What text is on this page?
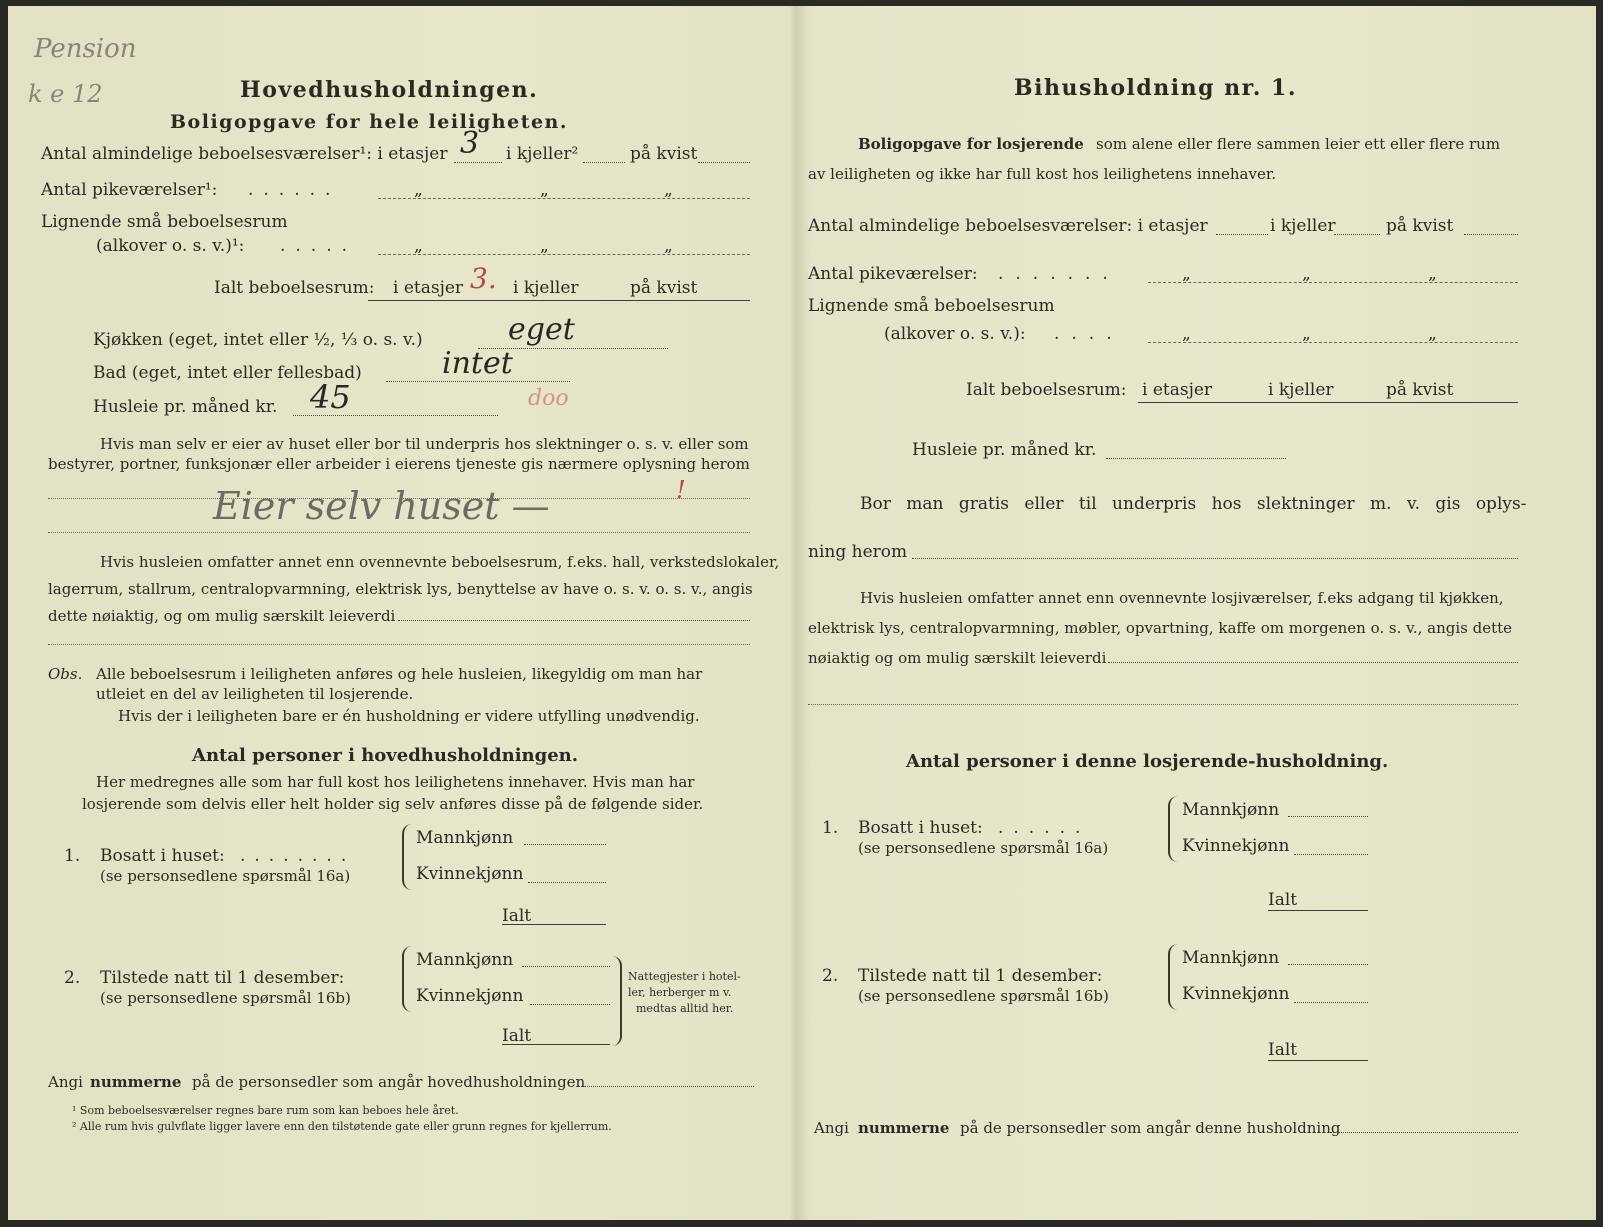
Pension
k e 12	Hovedhusholdningen.
Boligopgave for hele leiligheten.
Antal almindelige beboelsesværelser¹: i etasjer 3 i kjeller²	på kvist
Antal pikeværelser¹: ......	„	„	„
Lignende små beboelsesrum
(alkover o. s. v.)¹: .....	„	„	„
Ialt beboelsesrum: i etasjer 3. i kjeller	på kvist
Kjøkken (eget, intet eller ½, ⅓ o. s. v.)	eget
Bad (eget, intet eller fellesbad)	intet
Husleie pr. måned kr. 45	doo
Hvis man selv er eier av huset eller bor til underpris hos slektninger o. s. v. eller som
bestyrer, portner, funksjonær eller arbeider i eierens tjeneste gis nærmere oplysning herom
Eier selv huset —	!
Hvis husleien omfatter annet enn ovennevnte beboelsesrum, f.eks. hall, verkstedslokaler,
lagerrum, stallrum, centralopvarmning, elektrisk lys, benyttelse av have o. s. v. o. s. v., angis
dette nøiaktig, og om mulig særskilt leieverdi
Obs. Alle beboelsesrum i leiligheten anføres og hele husleien, likegyldig om man har
utleiet en del av leiligheten til losjerende.
Hvis der i leiligheten bare er én husholdning er videre utfylling unødvendig.
Antal personer i hovedhusholdningen.
Her medregnes alle som har full kost hos leilighetens innehaver. Hvis man har
losjerende som delvis eller helt holder sig selv anføres disse på de følgende sider.
1. Bosatt i huset: ........
(se personsedlene spørsmål 16a)
Mannkjønn
Kvinnekjønn
Ialt
2. Tilstede natt til 1 desember:
(se personsedlene spørsmål 16b)
Mannkjønn
Kvinnekjønn
Ialt
Nattegjester i hotel-
ler, herberger m v.
medtas alltid her.
Angi nummerne på de personsedler som angår hovedhusholdningen
¹ Som beboelsesværelser regnes bare rum som kan beboes hele året.
² Alle rum hvis gulvflate ligger lavere enn den tilstøtende gate eller grunn regnes for kjellerrum.
Bihusholdning nr. 1.
Boligopgave for losjerende som alene eller flere sammen leier ett eller flere rum
av leiligheten og ikke har full kost hos leilighetens innehaver.
Antal almindelige beboelsesværelser: i etasjer	i kjeller	på kvist
Antal pikeværelser: .......	„	„	„
Lignende små beboelsesrum
(alkover o. s. v.): ....	„	„	„
Ialt beboelsesrum: i etasjer	i kjeller	på kvist
Husleie pr. måned kr.
Bor man gratis eller til underpris hos slektninger m. v. gis oplys-
ning herom
Hvis husleien omfatter annet enn ovennevnte losjiværelser, f.eks adgang til kjøkken,
elektrisk lys, centralopvarmning, møbler, opvartning, kaffe om morgenen o. s. v., angis dette
nøiaktig og om mulig særskilt leieverdi
Antal personer i denne losjerende-husholdning.
1. Bosatt i huset: ......
(se personsedlene spørsmål 16a)
Mannkjønn
Kvinnekjønn
Ialt
2. Tilstede natt til 1 desember:
(se personsedlene spørsmål 16b)
Mannkjønn
Kvinnekjønn
Ialt
Angi nummerne på de personsedler som angår denne husholdning
